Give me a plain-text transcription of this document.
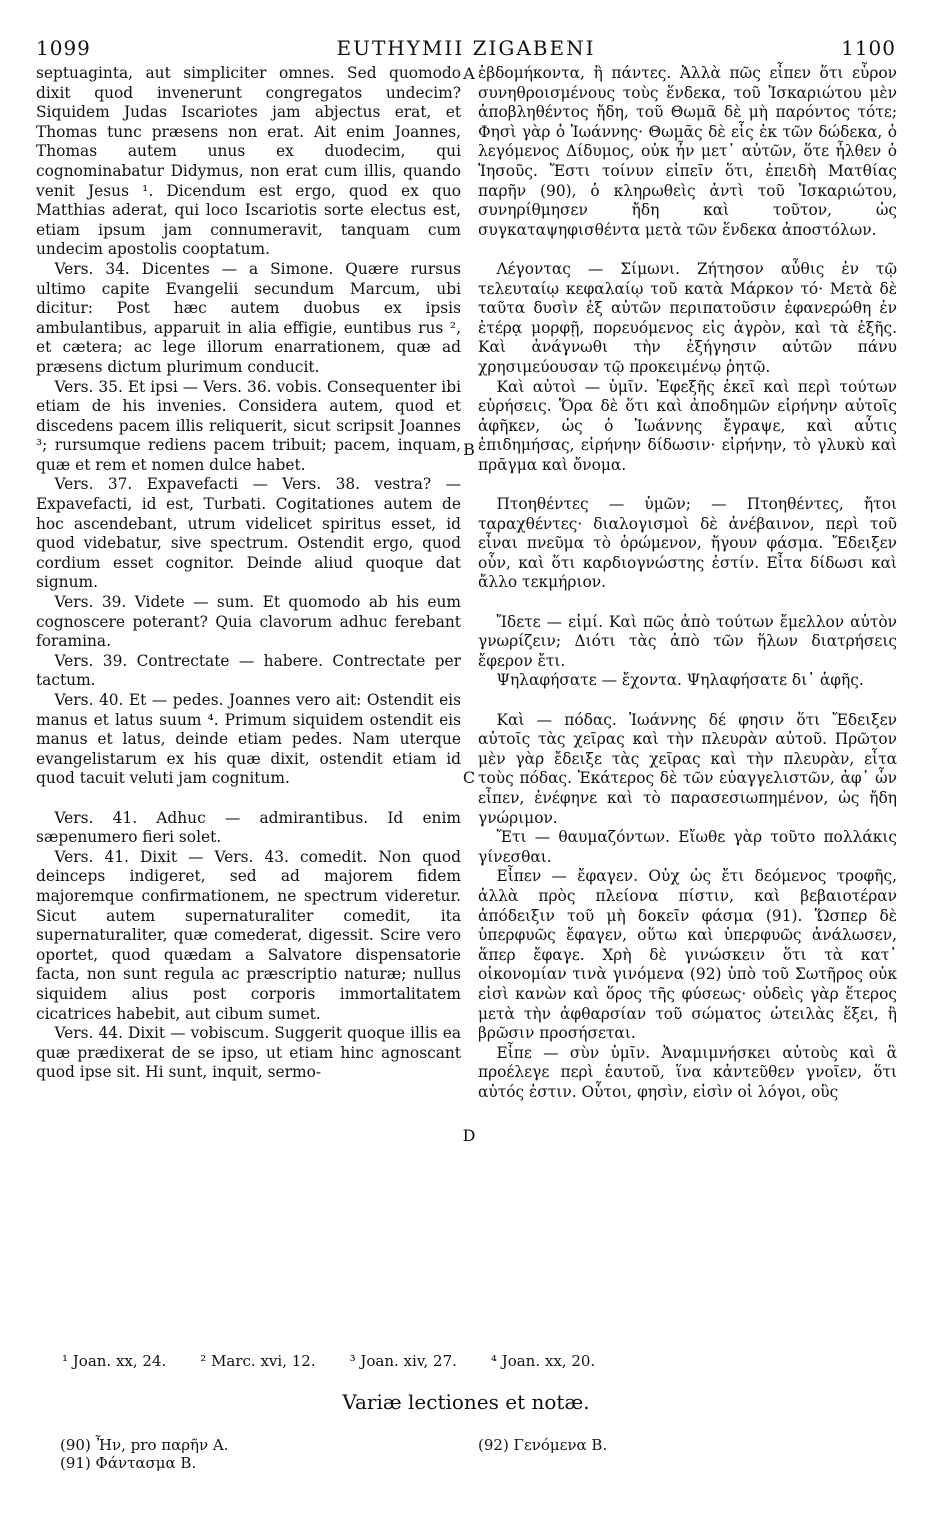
1099	EUTHYMII ZIGABENI	1100

septuaginta, aut simpliciter omnes. Sed quomodo dixit quod invenerunt congregatos undecim? Siquidem Judas Iscariotes jam abjectus erat, et Thomas tunc præsens non erat. Ait enim Joannes, Thomas autem unus ex duodecim, qui cognominabatur Didymus, non erat cum illis, quando venit Jesus ¹. Dicendum est ergo, quod ex quo Matthias aderat, qui loco Iscariotis sorte electus est, etiam ipsum jam connumeravit, tanquam cum undecim apostolis cooptatum.

Vers. 34. Dicentes — a Simone. Quære rursus ultimo capite Evangelii secundum Marcum, ubi dicitur: Post hæc autem duobus ex ipsis ambulantibus, apparuit in alia effigie, euntibus rus ², et cætera; ac lege illorum enarrationem, quæ ad præsens dictum plurimum conducit.

Vers. 35. Et ipsi — Vers. 36. vobis. Consequenter ibi etiam de his invenies. Considera autem, quod et discedens pacem illis reliquerit, sicut scripsit Joannes ³; rursumque rediens pacem tribuit; pacem, inquam, quæ et rem et nomen dulce habet.

Vers. 37. Expavefacti — Vers. 38. vestra? — Expavefacti, id est, Turbati. Cogitationes autem de hoc ascendebant, utrum videlicet spiritus esset, id quod videbatur, sive spectrum. Ostendit ergo, quod cordium esset cognitor. Deinde aliud quoque dat signum.

Vers. 39. Videte — sum. Et quomodo ab his eum cognoscere poterant? Quia clavorum adhuc ferebant foramina.

Vers. 39. Contrectate — habere. Contrectate per tactum.

Vers. 40. Et — pedes. Joannes vero ait: Ostendit eis manus et latus suum ⁴. Primum siquidem ostendit eis manus et latus, deinde etiam pedes. Nam uterque evangelistarum ex his quæ dixit, ostendit etiam id quod tacuit veluti jam cognitum.

Vers. 41. Adhuc — admirantibus. Id enim sæpenumero fieri solet.

Vers. 41. Dixit — Vers. 43. comedit. Non quod deinceps indigeret, sed ad majorem fidem majoremque confirmationem, ne spectrum videretur. Sicut autem supernaturaliter comedit, ita supernaturaliter, quæ comederat, digessit. Scire vero oportet, quod quædam a Salvatore dispensatorie facta, non sunt regula ac præscriptio naturæ; nullus siquidem alius post corporis immortalitatem cicatrices habebit, aut cibum sumet.

Vers. 44. Dixit — vobiscum. Suggerit quoque illis ea quæ prædixerat de se ipso, ut etiam hinc agnoscant quod ipse sit. Hi sunt, inquit, sermo-

A
B
C
D

ἑβδομήκοντα, ἢ πάντες. Ἀλλὰ πῶς εἶπεν ὅτι εὗρον συνηθροισμένους τοὺς ἕνδεκα, τοῦ Ἰσκαριώτου μὲν ἀποβληθέντος ἤδη, τοῦ Θωμᾶ δὲ μὴ παρόντος τότε; Φησὶ γὰρ ὁ Ἰωάννης· Θωμᾶς δὲ εἷς ἐκ τῶν δώδεκα, ὁ λεγόμενος Δίδυμος, οὐκ ἦν μετ᾽ αὐτῶν, ὅτε ἦλθεν ὁ Ἰησοῦς. Ἔστι τοίνυν εἰπεῖν ὅτι, ἐπειδὴ Ματθίας παρῆν (90), ὁ κληρωθεὶς ἀντὶ τοῦ Ἰσκαριώτου, συνηρίθμησεν ἤδη καὶ τοῦτον, ὡς συγκαταψηφισθέντα μετὰ τῶν ἕνδεκα ἀποστόλων.

Λέγοντας — Σίμωνι. Ζήτησον αὖθις ἐν τῷ τελευταίῳ κεφαλαίῳ τοῦ κατὰ Μάρκον τό· Μετὰ δὲ ταῦτα δυσὶν ἐξ αὐτῶν περιπατοῦσιν ἐφανερώθη ἐν ἑτέρᾳ μορφῇ, πορευόμενος εἰς ἀγρὸν, καὶ τὰ ἑξῆς. Καὶ ἀνάγνωθι τὴν ἐξήγησιν αὐτῶν πάνυ χρησιμεύουσαν τῷ προκειμένῳ ῥητῷ.

Καὶ αὐτοὶ — ὑμῖν. Ἐφεξῆς ἐκεῖ καὶ περὶ τούτων εὑρήσεις. Ὅρα δὲ ὅτι καὶ ἀποδημῶν εἰρήνην αὐτοῖς ἀφῆκεν, ὡς ὁ Ἰωάννης ἔγραψε, καὶ αὖτις ἐπιδημήσας, εἰρήνην δίδωσιν· εἰρήνην, τὸ γλυκὺ καὶ πρᾶγμα καὶ ὄνομα.

Πτοηθέντες — ὑμῶν; — Πτοηθέντες, ἤτοι ταραχθέντες· διαλογισμοὶ δὲ ἀνέβαινον, περὶ τοῦ εἶναι πνεῦμα τὸ ὁρώμενον, ἤγουν φάσμα. Ἔδειξεν οὖν, καὶ ὅτι καρδιογνώστης ἐστίν. Εἶτα δίδωσι καὶ ἄλλο τεκμήριον.

Ἴδετε — εἰμί. Καὶ πῶς ἀπὸ τούτων ἔμελλον αὐτὸν γνωρίζειν; Διότι τὰς ἀπὸ τῶν ἥλων διατρήσεις ἔφερον ἔτι.

Ψηλαφήσατε — ἔχοντα. Ψηλαφήσατε δι᾽ ἁφῆς.

Καὶ — πόδας. Ἰωάννης δέ φησιν ὅτι Ἔδειξεν αὐτοῖς τὰς χεῖρας καὶ τὴν πλευρὰν αὐτοῦ. Πρῶτον μὲν γὰρ ἔδειξε τὰς χεῖρας καὶ τὴν πλευρὰν, εἶτα τοὺς πόδας. Ἑκάτερος δὲ τῶν εὐαγγελιστῶν, ἀφ᾽ ὧν εἶπεν, ἐνέφηνε καὶ τὸ παρασεσιωπημένον, ὡς ἤδη γνώριμον.

Ἔτι — θαυμαζόντων. Εἴωθε γὰρ τοῦτο πολλάκις γίνεσθαι.

Εἶπεν — ἔφαγεν. Οὐχ ὡς ἔτι δεόμενος τροφῆς, ἀλλὰ πρὸς πλείονα πίστιν, καὶ βεβαιοτέραν ἀπόδειξιν τοῦ μὴ δοκεῖν φάσμα (91). Ὥσπερ δὲ ὑπερφυῶς ἔφαγεν, οὕτω καὶ ὑπερφυῶς ἀνάλωσεν, ἅπερ ἔφαγε. Χρὴ δὲ γινώσκειν ὅτι τὰ κατ᾽ οἰκονομίαν τινὰ γινόμενα (92) ὑπὸ τοῦ Σωτῆρος οὐκ εἰσὶ κανὼν καὶ ὅρος τῆς φύσεως· οὐδεὶς γὰρ ἕτερος μετὰ τὴν ἀφθαρσίαν τοῦ σώματος ὠτειλὰς ἕξει, ἢ βρῶσιν προσήσεται.

Εἶπε — σὺν ὑμῖν. Ἀναμιμνήσκει αὐτοὺς καὶ ἃ προέλεγε περὶ ἑαυτοῦ, ἵνα κἀντεῦθεν γνοῖεν, ὅτι αὐτός ἐστιν. Οὗτοι, φησὶν, εἰσὶν οἱ λόγοι, οὓς

¹ Joan. xx, 24. ² Marc. xvi, 12. ³ Joan. xiv, 27. ⁴ Joan. xx, 20.
Variæ lectiones et notæ.
(90) Ἦν, pro παρῆν A.
(91) Φάντασμα B.
(92) Γενόμενα B.
